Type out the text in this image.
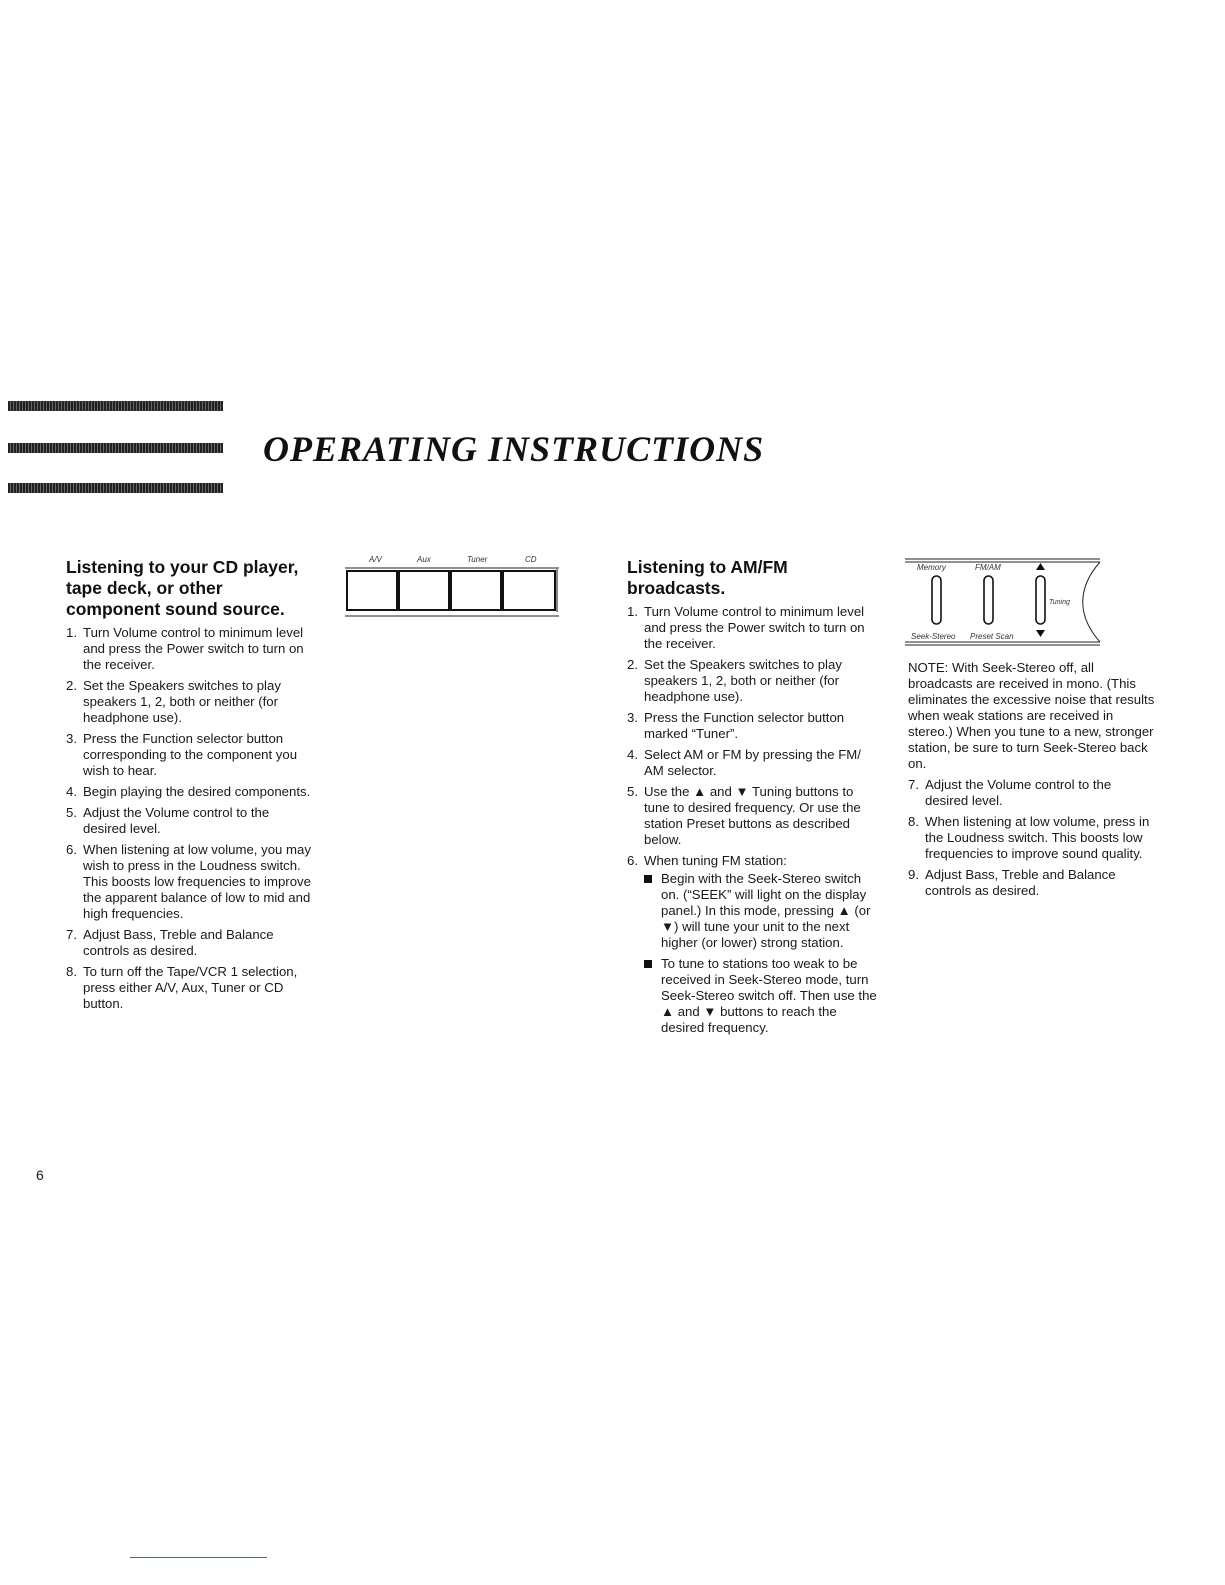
OPERATING INSTRUCTIONS
Listening to your CD player, tape deck, or other component sound source.
1. Turn Volume control to minimum level and press the Power switch to turn on the receiver.
2. Set the Speakers switches to play speakers 1, 2, both or neither (for headphone use).
3. Press the Function selector button corresponding to the component you wish to hear.
4. Begin playing the desired components.
5. Adjust the Volume control to the desired level.
6. When listening at low volume, you may wish to press in the Loudness switch. This boosts low frequencies to improve the apparent balance of low to mid and high frequencies.
7. Adjust Bass, Treble and Balance controls as desired.
8. To turn off the Tape/VCR 1 selection, press either A/V, Aux, Tuner or CD button.
A/V	Aux	Tuner	CD	Listening to AM/FM broadcasts.
1. Turn Volume control to minimum level and press the Power switch to turn on the receiver.
2. Set the Speakers switches to play speakers 1, 2, both or neither (for headphone use).
3. Press the Function selector button marked “Tuner”.
4. Select AM or FM by pressing the FM/ AM selector.
5. Use the ▲ and ▼ Tuning buttons to tune to desired frequency. Or use the station Preset buttons as described below.
6. When tuning FM station:
Begin with the Seek-Stereo switch on. (“SEEK” will light on the display panel.) In this mode, pressing ▲ (or ▼) will tune your unit to the next higher (or lower) strong station.
To tune to stations too weak to be received in Seek-Stereo mode, turn Seek-Stereo switch off. Then use the ▲ and ▼ buttons to reach the desired frequency.
Memory	FM/AM
Seek-Stereo Preset Scan
Tuning

NOTE: With Seek-Stereo off, all broadcasts are received in mono. (This eliminates the excessive noise that results when weak stations are received in stereo.) When you tune to a new, stronger station, be sure to turn Seek-Stereo back on.

7. Adjust the Volume control to the desired level.
8. When listening at low volume, press in the Loudness switch. This boosts low frequencies to improve sound quality.
9. Adjust Bass, Treble and Balance controls as desired.
6
